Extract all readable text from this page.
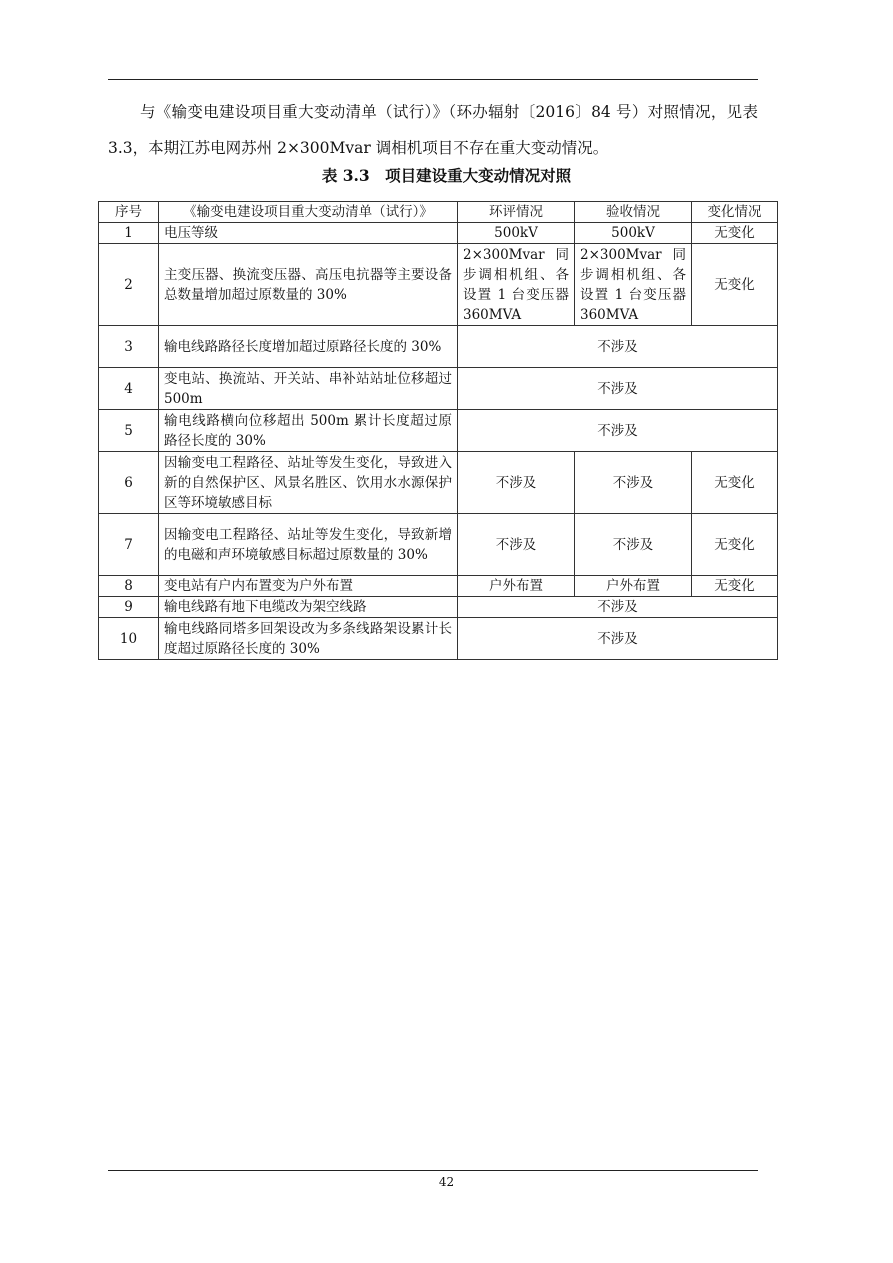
与《输变电建设项目重大变动清单（试行）》（环办辐射〔2016〕84 号）对照情况，见表 3.3，本期江苏电网苏州 2×300Mvar 调相机项目不存在重大变动情况。

表 3.3　项目建设重大变动情况对照
序号	《输变电建设项目重大变动清单（试行）》	环评情况	验收情况	变化情况
1	电压等级	500kV	500kV	无变化
2	主变压器、换流变压器、高压电抗器等主要设备总数量增加超过原数量的 30%	2×300Mvar 同步调相机组、各设置 1 台变压器 360MVA	2×300Mvar 同步调相机组、各设置 1 台变压器 360MVA	无变化
3	输电线路路径长度增加超过原路径长度的 30%	不涉及		
4	变电站、换流站、开关站、串补站站址位移超过 500m	不涉及		
5	输电线路横向位移超出 500m 累计长度超过原路径长度的 30%	不涉及		
6	因输变电工程路径、站址等发生变化，导致进入新的自然保护区、风景名胜区、饮用水水源保护区等环境敏感目标	不涉及	不涉及	无变化
7	因输变电工程路径、站址等发生变化，导致新增的电磁和声环境敏感目标超过原数量的 30%	不涉及	不涉及	无变化
8	变电站有户内布置变为户外布置	户外布置	户外布置	无变化
9	输电线路有地下电缆改为架空线路	不涉及		
10	输电线路同塔多回架设改为多条线路架设累计长度超过原路径长度的 30%	不涉及		
42
